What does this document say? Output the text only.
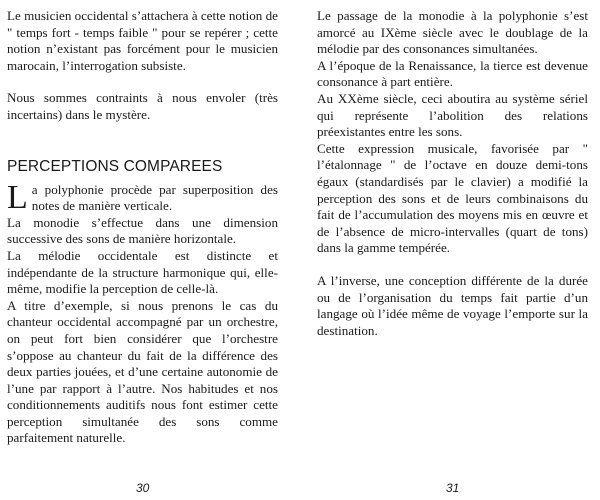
Le musicien occidental s’attachera à cette notion de " temps fort - temps faible " pour se repérer ; cette notion n’existant pas forcément pour le musicien marocain, l’interrogation subsiste.

Nous sommes contraints à nous envoler (très incertains) dans le mystère.

PERCEPTIONS COMPAREES

La polyphonie procède par superposition des notes de manière verticale.

La monodie s’effectue dans une dimension successive des sons de manière horizontale.

La mélodie occidentale est distincte et indépendante de la structure harmonique qui, elle-même, modifie la perception de celle-là.

A titre d’exemple, si nous prenons le cas du chanteur occidental accompagné par un orchestre, on peut fort bien considérer que l’orchestre s’oppose au chanteur du fait de la différence des deux parties jouées, et d’une certaine autonomie de l’une par rapport à l’autre. Nos habitudes et nos conditionnements auditifs nous font estimer cette perception simultanée des sons comme parfaitement naturelle.

30

Le passage de la monodie à la polyphonie s’est amorcé au IXème siècle avec le doublage de la mélodie par des consonances simultanées.

A l’époque de la Renaissance, la tierce est devenue consonance à part entière.

Au XXème siècle, ceci aboutira au système sériel qui représente l’abolition des relations préexistantes entre les sons.

Cette expression musicale, favorisée par " l’étalonnage " de l’octave en douze demi-tons égaux (standardisés par le clavier) a modifié la perception des sons et de leurs combinaisons du fait de l’accumulation des moyens mis en œuvre et de l’absence de micro-intervalles (quart de tons) dans la gamme tempérée.

A l’inverse, une conception différente de la durée ou de l’organisation du temps fait partie d’un langage où l’idée même de voyage l’emporte sur la destination.

31
